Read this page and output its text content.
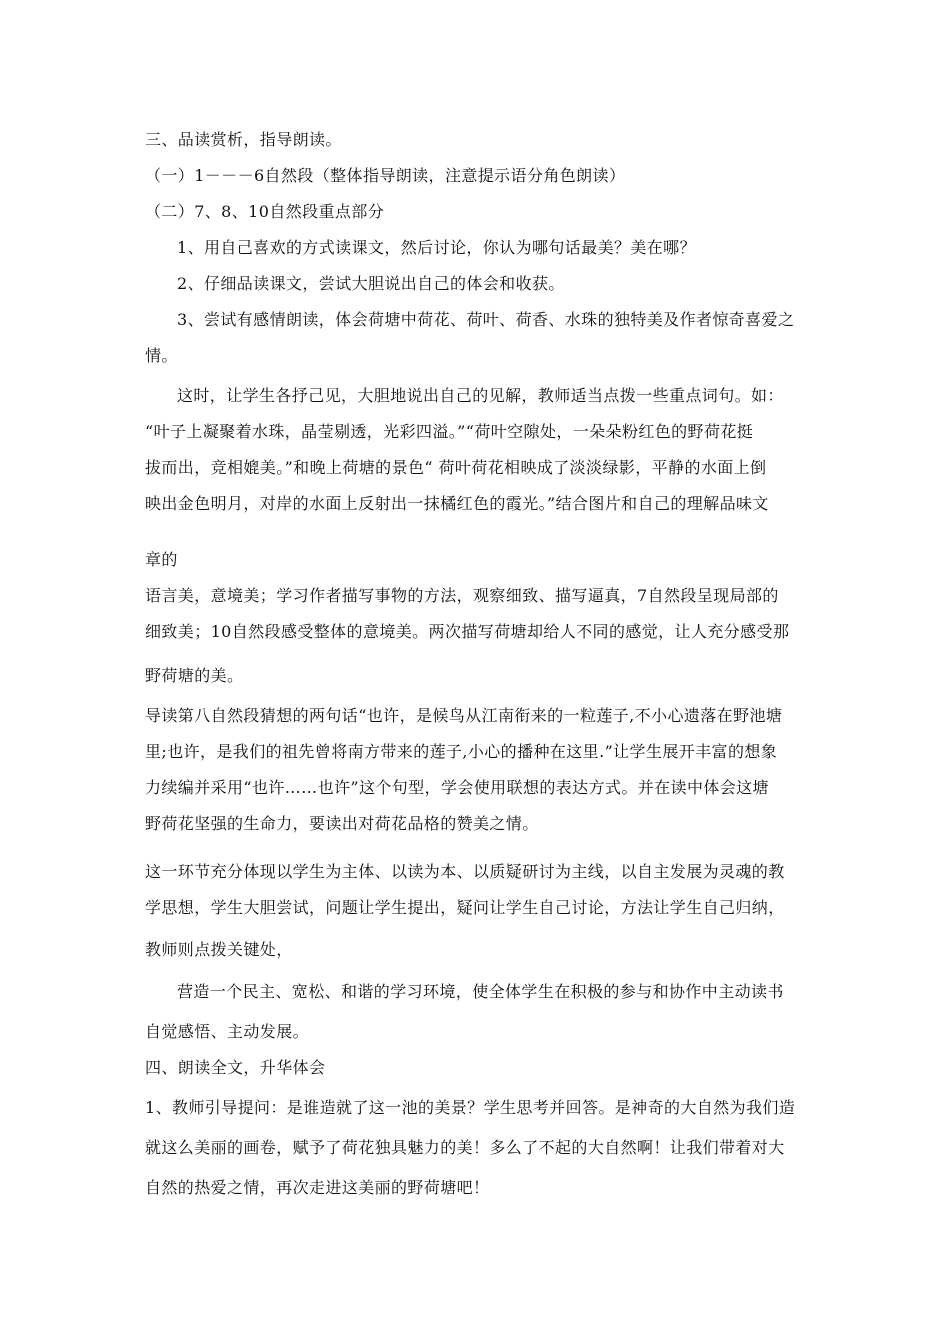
三、品读赏析，指导朗读。
（一）1－－－6自然段（整体指导朗读，注意提示语分角色朗读）
（二）7、8、10自然段重点部分
1、用自己喜欢的方式读课文，然后讨论，你认为哪句话最美？美在哪？
2、仔细品读课文，尝试大胆说出自己的体会和收获。
3、尝试有感情朗读，体会荷塘中荷花、荷叶、荷香、水珠的独特美及作者惊奇喜爱之
情。
这时，让学生各抒己见，大胆地说出自己的见解，教师适当点拨一些重点词句。如：
“叶子上凝聚着水珠，晶莹剔透，光彩四溢。”“荷叶空隙处，一朵朵粉红色的野荷花挺
拔而出，竞相媲美。”和晚上荷塘的景色“ 荷叶荷花相映成了淡淡绿影，平静的水面上倒
映出金色明月，对岸的水面上反射出一抹橘红色的霞光。”结合图片和自己的理解品味文
章的
语言美，意境美；学习作者描写事物的方法，观察细致、描写逼真，7自然段呈现局部的
细致美；10自然段感受整体的意境美。两次描写荷塘却给人不同的感觉，让人充分感受那
野荷塘的美。
导读第八自然段猜想的两句话“也许，是候鸟从江南衔来的一粒莲子,不小心遗落在野池塘
里;也许，是我们的祖先曾将南方带来的莲子,小心的播种在这里.”让学生展开丰富的想象
力续编并采用“也许……也许”这个句型，学会使用联想的表达方式。并在读中体会这塘
野荷花坚强的生命力，要读出对荷花品格的赞美之情。
这一环节充分体现以学生为主体、以读为本、以质疑研讨为主线，以自主发展为灵魂的教
学思想，学生大胆尝试，问题让学生提出，疑问让学生自己讨论，方法让学生自己归纳，
教师则点拨关键处，
营造一个民主、宽松、和谐的学习环境，使全体学生在积极的参与和协作中主动读书
自觉感悟、主动发展。
四、朗读全文，升华体会
1、教师引导提问：是谁造就了这一池的美景？学生思考并回答。是神奇的大自然为我们造
就这么美丽的画卷，赋予了荷花独具魅力的美！多么了不起的大自然啊！让我们带着对大
自然的热爱之情，再次走进这美丽的野荷塘吧！
